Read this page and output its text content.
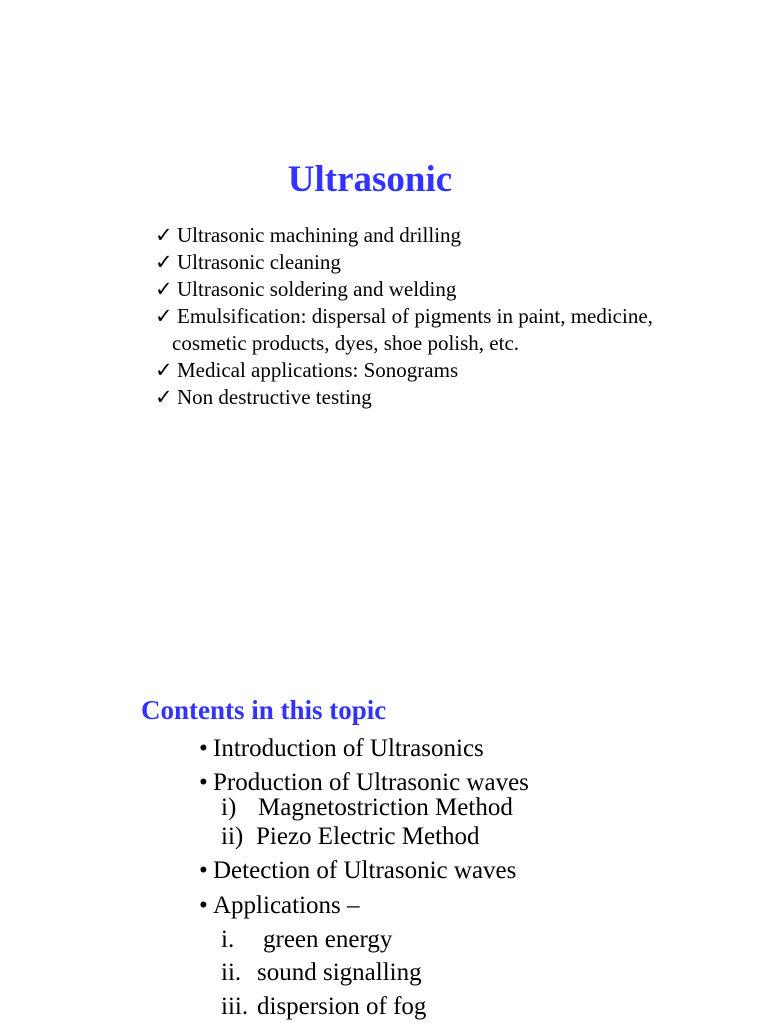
Ultrasonic
✓ Ultrasonic machining and drilling
✓ Ultrasonic cleaning
✓ Ultrasonic soldering and welding
✓ Emulsification: dispersal of pigments in paint, medicine,
cosmetic products, dyes, shoe polish, etc.
✓ Medical applications: Sonograms
✓ Non destructive testing
Contents in this topic
• Introduction of Ultrasonics
• Production of Ultrasonic waves
i) Magnetostriction Method
ii) Piezo Electric Method
• Detection of Ultrasonic waves
• Applications –
i. green energy
ii. sound signalling
iii. dispersion of fog
